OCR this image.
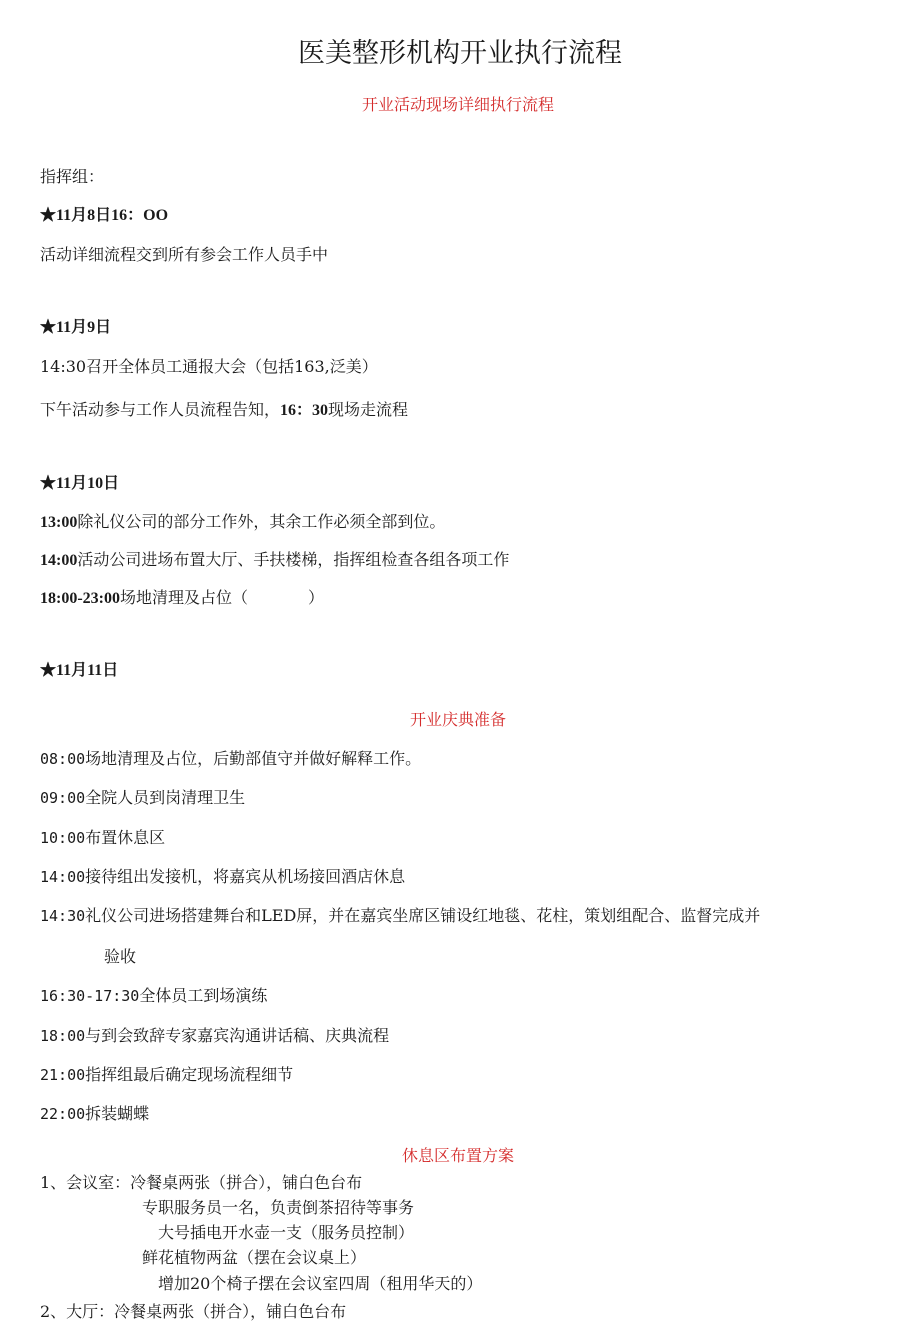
医美整形机构开业执行流程
开业活动现场详细执行流程
指挥组：
★11月8日16：OO
活动详细流程交到所有参会工作人员手中
★11月9日
14:30召开全体员工通报大会（包括163,泛美）
下午活动参与工作人员流程告知，16：30现场走流程
★11月10日
13:00除礼仪公司的部分工作外，其余工作必须全部到位。
14:00活动公司进场布置大厅、手扶楼梯，指挥组检查各组各项工作
18:00-23:00场地清理及占位（	）
★11月11日
开业庆典准备
08:00场地清理及占位，后勤部值守并做好解释工作。
09:00全院人员到岗清理卫生
10:00布置休息区
14:00接待组出发接机，将嘉宾从机场接回酒店休息
14:30礼仪公司进场搭建舞台和LED屏，并在嘉宾坐席区铺设红地毯、花柱，策划组配合、监督完成并
验收
16:30-17:30全体员工到场演练
18:00与到会致辞专家嘉宾沟通讲话稿、庆典流程
21:00指挥组最后确定现场流程细节
22:00拆装蝴蝶
休息区布置方案
1、会议室：冷餐桌两张（拼合），铺白色台布
专职服务员一名，负责倒茶招待等事务
大号插电开水壶一支（服务员控制）
鲜花植物两盆（摆在会议桌上）
增加20个椅子摆在会议室四周（租用华天的）
2、大厅：冷餐桌两张（拼合），铺白色台布
